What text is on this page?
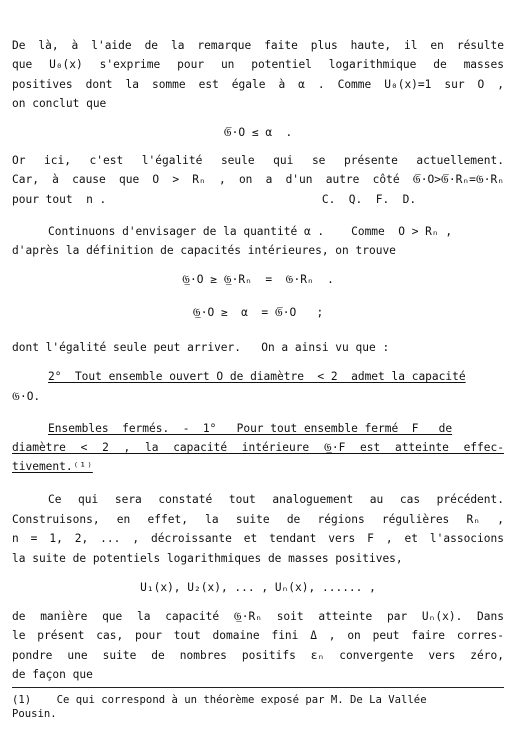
De là, à l'aide de la remarque faite plus haute, il en résulte
que U₀(x) s'exprime pour un potentiel logarithmique de masses
positives dont la somme est égale à α . Comme U₀(x)=1 sur O ,
on conclut que
𝔊̅·O ≤ α  .
Or ici, c'est l'égalité seule qui se présente actuellement.
Car, à cause que O > Rₙ , on a d'un autre côté 𝔊̅·O>𝔊̅·Rₙ=𝔊·Rₙ
pour tout  n .                                C.  Q.  F.  D.
Continuons d'envisager de la quantité α .    Comme  O > Rₙ ,
d'après la définition de capacités intérieures, on trouve
𝔊̲·O ≥ 𝔊̲·Rₙ  =  𝔊·Rₙ  .
𝔊̲·O ≥  α  = 𝔊̅·O   ;
dont l'égalité seule peut arriver.   On a ainsi vu que :
2°  Tout ensemble ouvert O de diamètre  < 2  admet la capacité
𝔊·O.
Ensembles  fermés.  -  1°   Pour tout ensemble fermé  F   de
diamètre < 2 , la capacité intérieure 𝔊̲·F est atteinte effec-
tivement.⁽¹⁾
Ce qui sera constaté tout analoguement au cas précédent.
Construisons, en effet, la suite de régions régulières Rₙ ,
n = 1, 2, ... , décroissante et tendant vers F , et l'associons
la suite de potentiels logarithmiques de masses positives,
U₁(x), U₂(x), ... , Uₙ(x), ...... ,
de manière que la capacité 𝔊̲·Rₙ soit atteinte par Uₙ(x). Dans
le présent cas, pour tout domaine fini Δ , on peut faire corres-
pondre une suite de nombres positifs εₙ convergente vers zéro,
de façon que
(1)    Ce qui correspond à un théorème exposé par M. De La Vallée
Pousin.
